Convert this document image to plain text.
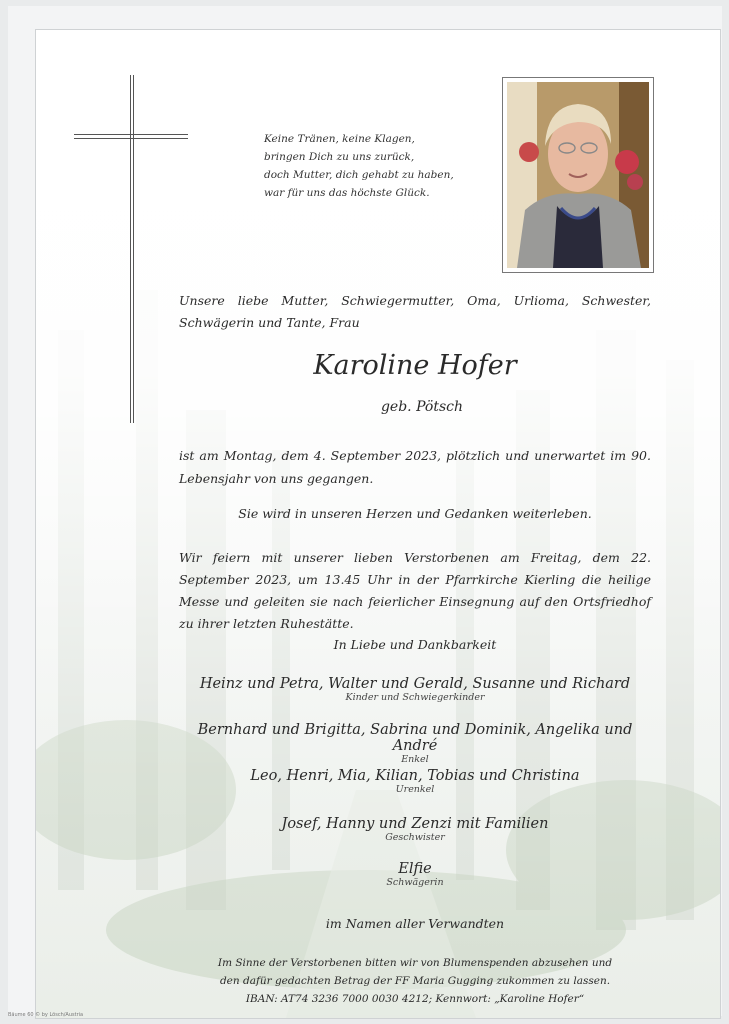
Keine Tränen, keine Klagen,
bringen Dich zu uns zurück,
doch Mutter, dich gehabt zu haben,
war für uns das höchste Glück.
Unsere liebe Mutter, Schwiegermutter, Oma, Urlioma, Schwester, Schwägerin und Tante, Frau
Karoline Hofer
geb. Pötsch
ist am Montag, dem 4. September 2023, plötzlich und unerwartet im 90. Lebensjahr von uns gegangen.
Sie wird in unseren Herzen und Gedanken weiterleben.
Wir feiern mit unserer lieben Verstorbenen am Freitag, dem 22. September 2023, um 13.45 Uhr in der Pfarrkirche Kierling die heilige Messe und geleiten sie nach feierlicher Einsegnung auf den Ortsfriedhof zu ihrer letzten Ruhestätte.
In Liebe und Dankbarkeit
Heinz und Petra, Walter und Gerald, Susanne und Richard
Kinder und Schwiegerkinder
Bernhard und Brigitta, Sabrina und Dominik, Angelika und André
Enkel
Leo, Henri, Mia, Kilian, Tobias und Christina
Urenkel
Josef, Hanny und Zenzi mit Familien
Geschwister
Elfie
Schwägerin
im Namen aller Verwandten

Im Sinne der Verstorbenen bitten wir von Blumenspenden abzusehen und

den dafür gedachten Betrag der FF Maria Gugging zukommen zu lassen.

IBAN: AT74 3236 7000 0030 4212; Kennwort: „Karoline Hofer“

Bäume 60 © by Lösch/Austria
